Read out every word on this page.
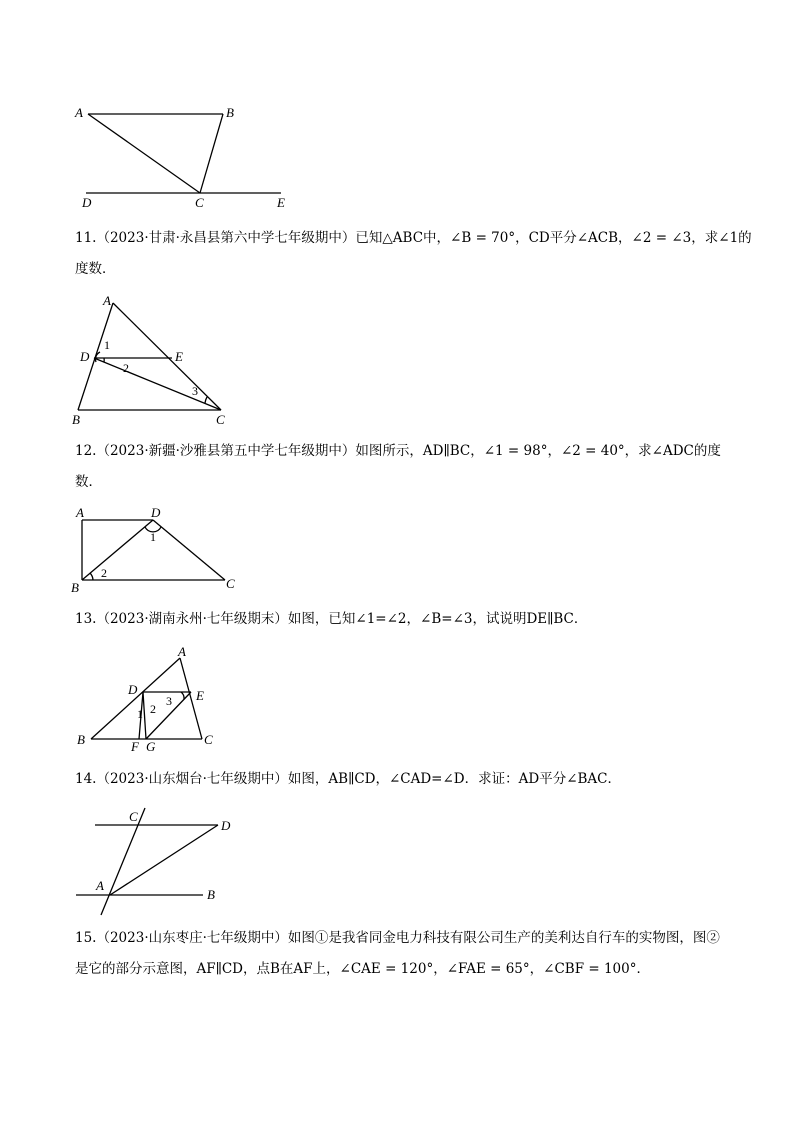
A	B
D	C	E
11.（2023·甘肃·永昌县第六中学七年级期中）已知△ABC中，∠B = 70°，CD平分∠ACB，∠2 = ∠3，求∠1的
度数．
A
D	E
B	C
1
2
3
12.（2023·新疆·沙雅县第五中学七年级期中）如图所示，AD∥BC，∠1 = 98°，∠2 = 40°，求∠ADC的度
数．
A	D
B	C
1
2
13.（2023·湖南永州·七年级期末）如图，已知∠1=∠2，∠B=∠3，试说明DE∥BC．
A
D	E
B	F G	C
1 2
3
14.（2023·山东烟台·七年级期中）如图，AB∥CD，∠CAD=∠D．求证：AD平分∠BAC．
C
D
A
B
15.（2023·山东枣庄·七年级期中）如图①是我省同金电力科技有限公司生产的美利达自行车的实物图，图②
是它的部分示意图，AF∥CD，点B在AF上，∠CAE = 120°，∠FAE = 65°，∠CBF = 100°．
